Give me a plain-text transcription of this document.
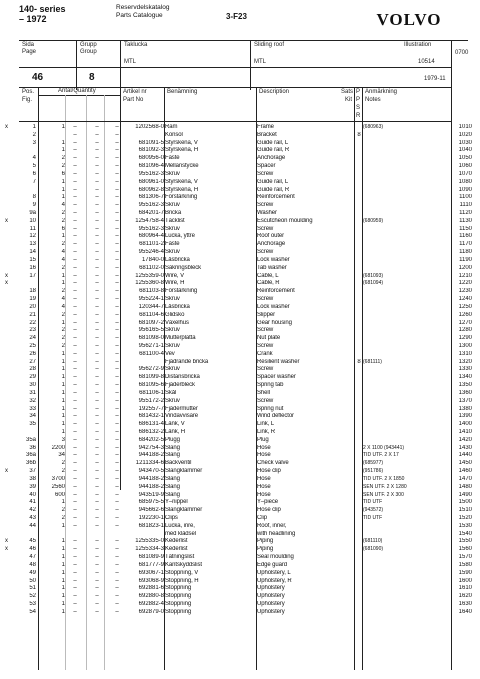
140- series
– 1972
Reservdelskatalog
Parts Catalogue	3-F23	VOLVO
Sida
Page
Grupp
Group
Taklucka
MTL
Sliding roof
MTL
Illustration
10514
0700
46	8	1979-11
Pos.
Fig.
Antal/Quantity	Artikel nr
Part No
Benämning	Description	Sats
Kit
P
P
S
R
Anmärkning
Notes
x	1	1	–	–	–	1202568-0 Ram	Frame	(680963)	1010
2	–	–	–	Konsol	Bracket	8	1020
3	1	–	–	–	681091-5 Styrskena, V	Guide rail, L	1030
1	–	–	–	681092-3 Styrskena, H	Guide rail, R	1040
4	2	–	–	–	680956-0 Fäste	Anchorage	1050
5	2	–	–	–	681096-4 Mellanstycke	Spacer	1060
6	6	–	–	–	955162-3 Skruv	Screw	1070
7	1	–	–	–	680961-0 Styrskena, V	Guide rail, L	1080
1	–	–	–	680962-8 Styrskena, H	Guide rail, R	1090
8	1	–	–	–	681306-7 Förstärkning	Reinforcement	1100
9	4	–	–	–	955162-3 Skruv	Screw	1110
9a	2	–	–	–	684201-7 Bricka	Washer	1120
x	10	2	–	–	–	1254758-4 Täcklist	Escutcheon moulding	(680959)	1130
11	6	–	–	–	955162-3 Skruv	Screw	1150
12	1	–	–	–	680964-4 Lucka, yttre	Roof outer	1160
13	2	–	–	–	681101-2 Fäste	Anchorage	1170
14	4	–	–	–	955246-4 Skruv	Screw	1180
15	4	–	–	–	17840-0 Låsbricka	Lock washer	1190
16	2	–	–	–	681102-0 Säkringsbleck	Tab washer	1200
x	17	1	–	–	–	1255359-0 Wire, V	Cable, L	(681093)	1210
x	1	–	–	–	1255360-8 Wire, H	Cable, R	(681094)	1220
18	2	–	–	–	681103-8 Förstärkning	Reinforcement	1230
19	4	–	–	–	955224-1 Skruv	Screw	1240
20	4	–	–	–	120344-7 Låsbricka	Lock washer	1250
21	2	–	–	–	681104-6 Glidsko	Slipper	1260
22	1	–	–	–	681097-2 Växelhus	Gear housing	1270
23	2	–	–	–	956165-5 Skruv	Screw	1280
24	2	–	–	–	681098-0 Mutterplatta	Nut plate	1290
25	2	–	–	–	956271-1 Skruv	Screw	1300
26	1	–	–	–	681100-4 Vev	Crank	1310
27	1	–	–	–	Fjädrande bricka	Resilient washer	8 (681111)	1320
28	1	–	–	–	956272-9 Skruv	Screw	1330
29	1	–	–	–	681099-8 Distansbricka	Spacer washer	1340
30	1	–	–	–	681095-6 Fjäderbleck	Spring tab	1350
31	1	–	–	–	681106-1 Skål	Shell	1360
32	1	–	–	–	955172-2 Skruv	Screw	1370
33	1	–	–	–	192557-7 Fjädermutter	Spring nut	1380
34	1	–	–	–	681432-1 Vindavvisare	Wind deflector	1390
35	1	–	–	–	686131-4 Länk, V	Link, L	1400
1	–	–	–	686132-2 Länk, H	Link, R	1410
35a	3	–	–	–	684202-5 Plugg	Plug	1420
36	2200	–	–	–	942754-3 Slang	Hose	2 X 1100 (943441)	1430
36a	34	–	–	–	944188-2 Slang	Hose	TID UTF. 2 X 17	1440
36b	2	–	–	–	1211334-6 Backventil	Check valve	(685977)	1450
x	37	2	–	–	–	943470-5 Slangklammer	Hose clip	(951786)	1460
38	3700	–	–	–	944188-2 Slang	Hose	TID UTF. 2 X 1850	1470
39	2560	–	–	–	944188-2 Slang	Hose	SEN UTF. 2 X 1280	1480
40	600	–	–	–	943519-9 Slang	Hose	SEN UTF. 2 X 300	1490
41	1	–	–	–	685975-5 Y–nippel	Y–piece	TID UTF	1500
42	2	–	–	–	945662-6 Slangklammer	Hose clip	(943572)	1510
43	2	–	–	–	192230-1 Clips	Clip	TID UTF	1520
44	1	–	–	–	681823-1 Lucka, inre,	Roof, inner,	1530
med klädsel	with headlining	1540
x	45	1	–	–	–	1255335-0 Kederlist	Piping	(681110)	1550
x	46	1	–	–	–	1255334-3 Kederlist	Piping	(681090)	1560
47	1	–	–	–	681089-9 Tätningslist	Seal moulding	1570
48	1	–	–	–	681777-9 Kantskyddslist	Edge guard	1580
49	1	–	–	–	693067-1 Stoppning, V	Upholstery, L	1590
50	1	–	–	–	693068-9 Stoppning, H	Upholstery, R	1600
51	1	–	–	–	692881-6 Stoppning	Upholstery	1610
52	1	–	–	–	692880-8 Stoppning	Upholstery	1620
53	1	–	–	–	692882-4 Stoppning	Upholstery	1630
54	1	–	–	–	692879-0 Stoppning	Upholstery	1640
